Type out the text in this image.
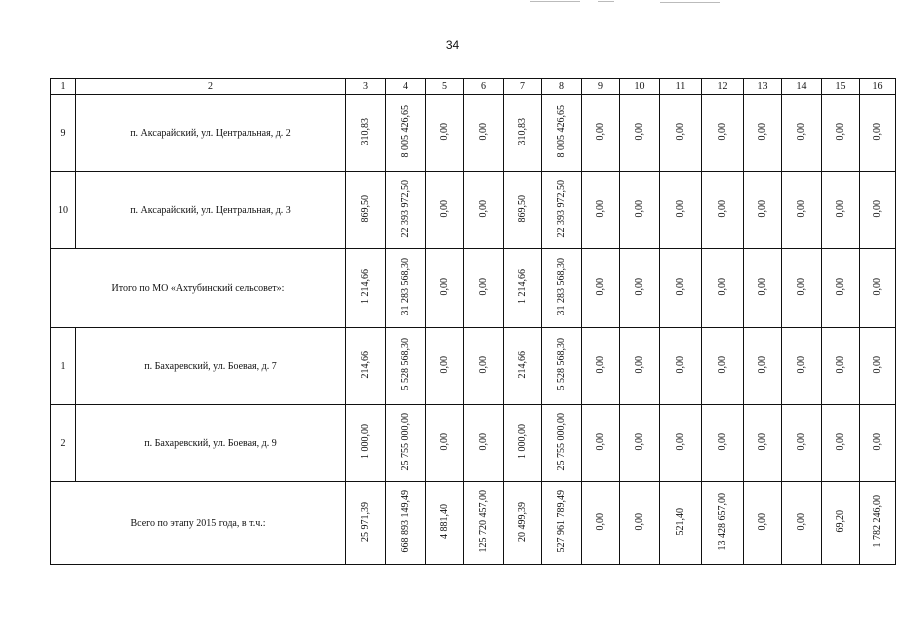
34
1	2	3	4	5	6	7	8	9	10	11	12	13	14	15	16
9	п. Аксарайский, ул. Центральная, д. 2	310,83	8 005 426,65	0,00	0,00	310,83	8 005 426,65	0,00	0,00	0,00	0,00	0,00	0,00	0,00	0,00
10	п. Аксарайский, ул. Центральная, д. 3	869,50	22 393 972,50	0,00	0,00	869,50	22 393 972,50	0,00	0,00	0,00	0,00	0,00	0,00	0,00	0,00
Итого по МО «Ахтубинский сельсовет»:		1 214,66	31 283 568,30	0,00	0,00	1 214,66	31 283 568,30	0,00	0,00	0,00	0,00	0,00	0,00	0,00	0,00
1	п. Бахаревский, ул. Боевая, д. 7	214,66	5 528 568,30	0,00	0,00	214,66	5 528 568,30	0,00	0,00	0,00	0,00	0,00	0,00	0,00	0,00
2	п. Бахаревский, ул. Боевая, д. 9	1 000,00	25 755 000,00	0,00	0,00	1 000,00	25 755 000,00	0,00	0,00	0,00	0,00	0,00	0,00	0,00	0,00
Всего по этапу 2015 года, в т.ч.:		25 971,39	668 893 149,49	4 881,40	125 720 457,00	20 499,39	527 961 789,49	0,00	0,00	521,40	13 428 657,00	0,00	0,00	69,20	1 782 246,00
